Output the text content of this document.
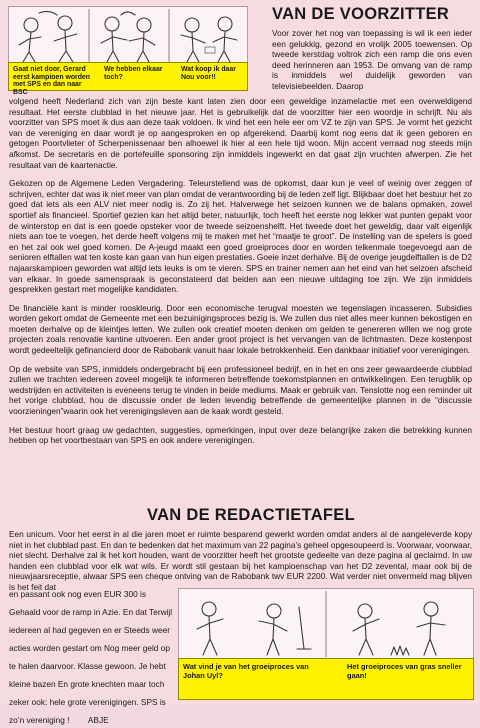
Gaat niet door, Gerard eerst kampioen worden met SPS en dan naar BSC

We hebben elkaar toch?

Wat koop ik daar Nou voor!!

VAN DE VOORZITTER

Voor zover het nog van toepassing is wil ik een ieder een gelukkig, gezond en vrolijk 2005 toewensen. Op tweede kerstdag voltrok zich een ramp die ons even deed herinneren aan 1953. De omvang van de ramp is inmiddels wel duidelijk geworden van televisiebeelden. Daarop

volgend heeft Nederland zich van zijn beste kant laten zien door een geweldige inzamelactie met een overweldigend resultaat. Het eerste clubblad in het nieuwe jaar. Het is gebruikelijk dat de voorzitter hier een woordje in schrijft. Nu als voorzitter van SPS moet ik dus aan deze taak voldoen. Ik vind het een hele eer om VZ te zijn van SPS. Je vormt het gezicht van de vereniging en daar wordt je op aangesproken en op afgerekend. Daarbij komt nog eens dat ik geen geboren en getogen Poortvlieter of Scherpenissenaar ben alhoewel ik hier al een hele tijd woon. Mijn accent verraad nog steeds mijn afkomst. De secretaris en de portefeuille sponsoring zijn inmiddels ingewerkt en dat gaat zijn vruchten afwerpen. Zie het resultaat van de kaartenactie.

Gekozen op de Algemene Leden Vergadering. Teleurstellend was de opkomst, daar kun je veel of weinig over zeggen of schrijven, echter dat was ik niet meer van plan omdat de verantwoording bij de leden zelf ligt. Blijkbaar doet het bestuur het zo goed dat iets als een ALV niet meer nodig is. Zo zij het. Halverwege het seizoen kunnen we de balans opmaken, zowel sportief als financieel. Sportief gezien kan het altijd beter, natuurlijk, toch heeft het eerste nog lekker wat punten gepakt voor de winterstop en dat is een goede opsteker voor de tweede seizoenshelft. Het tweede doet het geweldig, daar valt eigenlijk niets aan toe te voegen, het derde heeft volgens mij te maken met het “maatje te groot”. De instelling van de spelers is goed en het zal ook wel goed komen. De A-jeugd maakt een goed groeiproces door en worden telkenmale toegevoegd aan de senioren elftallen wat ten koste kan gaan van hun eigen prestaties. Goeie inzet derhalve. Bij de overige jeugdelftallen is de D2 najaarskampioen geworden wat altijd iets leuks is om te vieren. SPS en trainer nemen aan het eind van het seizoen afscheid van elkaar. In goede samenspraak is geconstateerd dat beiden aan een nieuwe uitdaging toe zijn. We zijn inmiddels gesprekken gestart met mogelijke kandidaten.

De financiële kant is minder rooskleurig. Door een economische terugval moesten we tegenslagen incasseren. Subsidies worden gekort omdat de Gemeente met een bezuinigingsproces bezig is. We zullen dus niet alles meer kunnen bekostigen en moeten derhalve op de kleintjes letten. We zullen ook creatief moeten denken om gelden te genereren willen we nog grote projecten zoals renovatie kantine uitvoeren. Een ander groot project is het vervangen van de lichtmasten. Deze kostenpost wordt gedeeltelijk gefinancierd door de Rabobank vanuit haar lokale betrokkenheid. Een dankbaar initiatief voor verenigingen.

Op de website van SPS, inmiddels ondergebracht bij een professioneel bedrijf, en in het en ons zeer gewaardeerde clubblad zullen we trachten iedereen zoveel mogelijk te informeren betreffende toekomstplannen en ontwikkelingen. Een terugblik op wedstrijden en activiteiten is eveneens terug te vinden in beide mediums. Maak er gebruik van. Tenslotte nog een reminder uit het vorige clubblad, hou de discussie onder de leden levendig betreffende de gemeentelijke plannen in de “discussie voorzieningen”waarin ook het verenigingsleven aan de kaak wordt gesteld.

Het bestuur hoort graag uw gedachten, suggesties, opmerkingen, input over deze belangrijke zaken die betrekking kunnen hebben op het voortbestaan van SPS en ook andere verenigingen.

VAN DE REDACTIETAFEL

Een unicum. Voor het eerst in al die jaren moet er ruimte besparend gewerkt worden omdat anders al de aangeleverde kopy niet in het clubblad past. En dan te bedenken dat het maximum van 22 pagina’s geheel opgesoupeerd is. Voorwaar, voorwaar, niet slecht. Derhalve zal ik het kort houden, want de voorzitter heeft het grootste gedeelte van deze pagina al geclaimd. In uw handen een clubblad voor elk wat wils. Er wordt stil gestaan bij het kampioenschap van het D2 zevental, maar ook bij de nieuwjaarsreceptie, alwaar SPS een cheque ontving van de Rabobank twv EUR 2200. Wat verder niet onvermeld mag blijven is het feit dat

en passant ook nog even EUR 300 is Gehaald voor de ramp in Azie. En dat Terwijl iedereen al had gegeven en er Steeds weer acties worden gestart om Nog meer geld op te halen daarvoor. Klasse gewoon. Je hebt kleine bazen En grote knechten maar toch zeker ook: hele grote verenigingen. SPS is zo’n vereniging ! ABJE

Wat vind je van het groeiproces van Johan Uyl?

Het groeiproces van gras sneller gaan!
